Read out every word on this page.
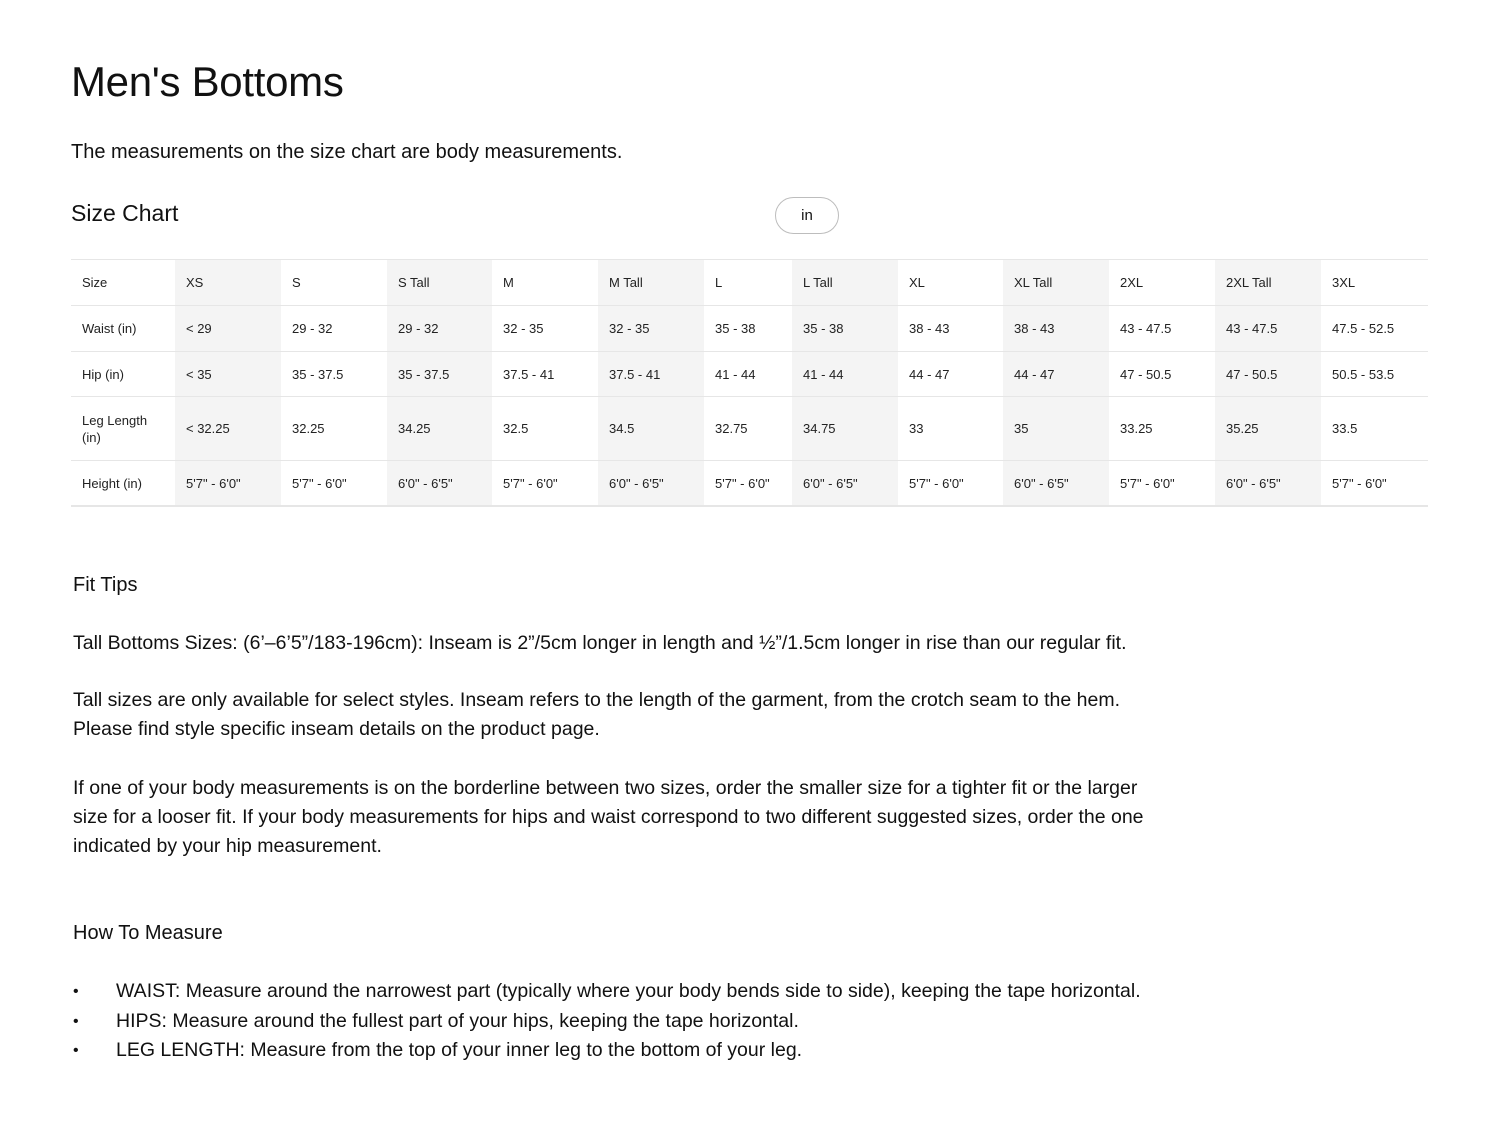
Men's Bottoms

The measurements on the size chart are body measurements.

Size Chart	in
Size	XS	S	S Tall	M	M Tall	L	L Tall	XL	XL Tall	2XL	2XL Tall	3XL
Waist (in)	< 29	29 - 32	29 - 32	32 - 35	32 - 35	35 - 38	35 - 38	38 - 43	38 - 43	43 - 47.5	43 - 47.5	47.5 - 52.5
Hip (in)	< 35	35 - 37.5	35 - 37.5	37.5 - 41	37.5 - 41	41 - 44	41 - 44	44 - 47	44 - 47	47 - 50.5	47 - 50.5	50.5 - 53.5

Leg Length (in)	< 32.25	32.25	34.25	32.5	34.5	32.75	34.75	33	35	33.25	35.25	33.5
Height (in)	5'7" - 6'0"	5'7" - 6'0"	6'0" - 6'5"	5'7" - 6'0"	6'0" - 6'5"	5'7" - 6'0"	6'0" - 6'5"	5'7" - 6'0"	6'0" - 6'5"	5'7" - 6'0"	6'0" - 6'5"	5'7" - 6'0"
Fit Tips

Tall Bottoms Sizes: (6’–6’5”/183-196cm): Inseam is 2”/5cm longer in length and ½”/1.5cm longer in rise than our regular fit.

Tall sizes are only available for select styles. Inseam refers to the length of the garment, from the crotch seam to the hem. Please find style specific inseam details on the product page.

If one of your body measurements is on the borderline between two sizes, order the smaller size for a tighter fit or the larger size for a looser fit. If your body measurements for hips and waist correspond to two different suggested sizes, order the one indicated by your hip measurement.

How To Measure
• WAIST: Measure around the narrowest part (typically where your body bends side to side), keeping the tape horizontal.
• HIPS: Measure around the fullest part of your hips, keeping the tape horizontal.
• LEG LENGTH: Measure from the top of your inner leg to the bottom of your leg.
